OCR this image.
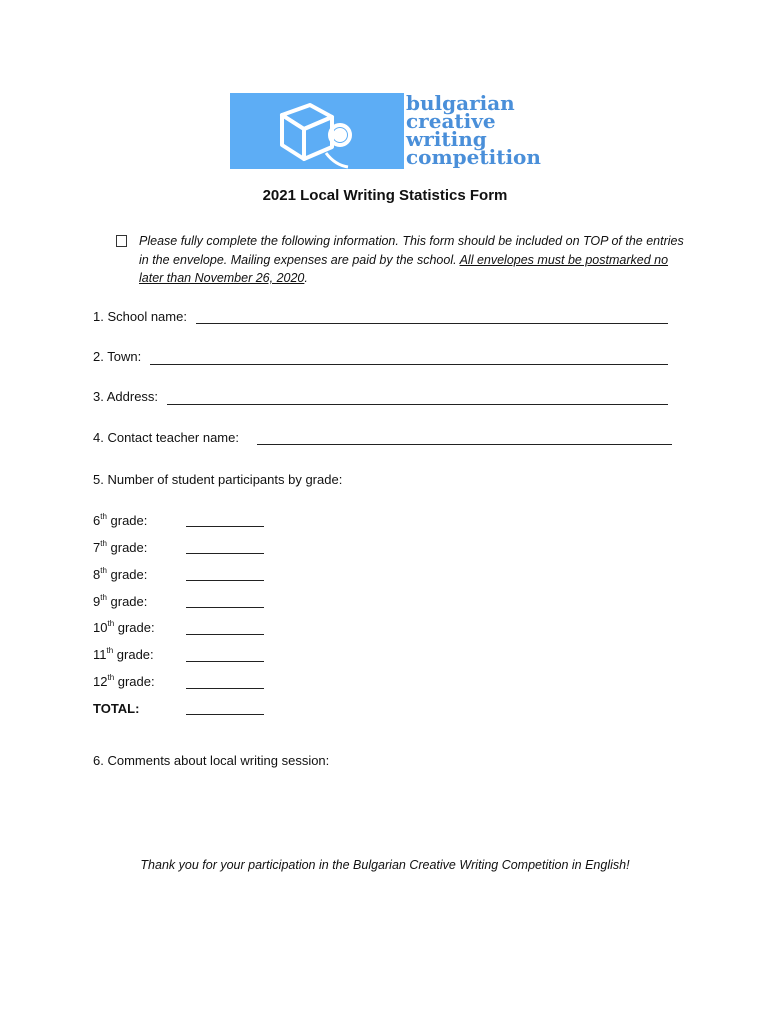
bulgarian
creative
writing
competition
2021 Local Writing Statistics Form
Please fully complete the following information. This form should be included on TOP of the entries in the envelope. Mailing expenses are paid by the school. All envelopes must be postmarked no later than November 26, 2020.
1. School name:
2. Town:
3. Address:
4. Contact teacher name:
5. Number of student participants by grade:
6th grade:
7th grade:
8th grade:
9th grade:
10th grade:
11th grade:
12th grade:
TOTAL:
6. Comments about local writing session:
Thank you for your participation in the Bulgarian Creative Writing Competition in English!
